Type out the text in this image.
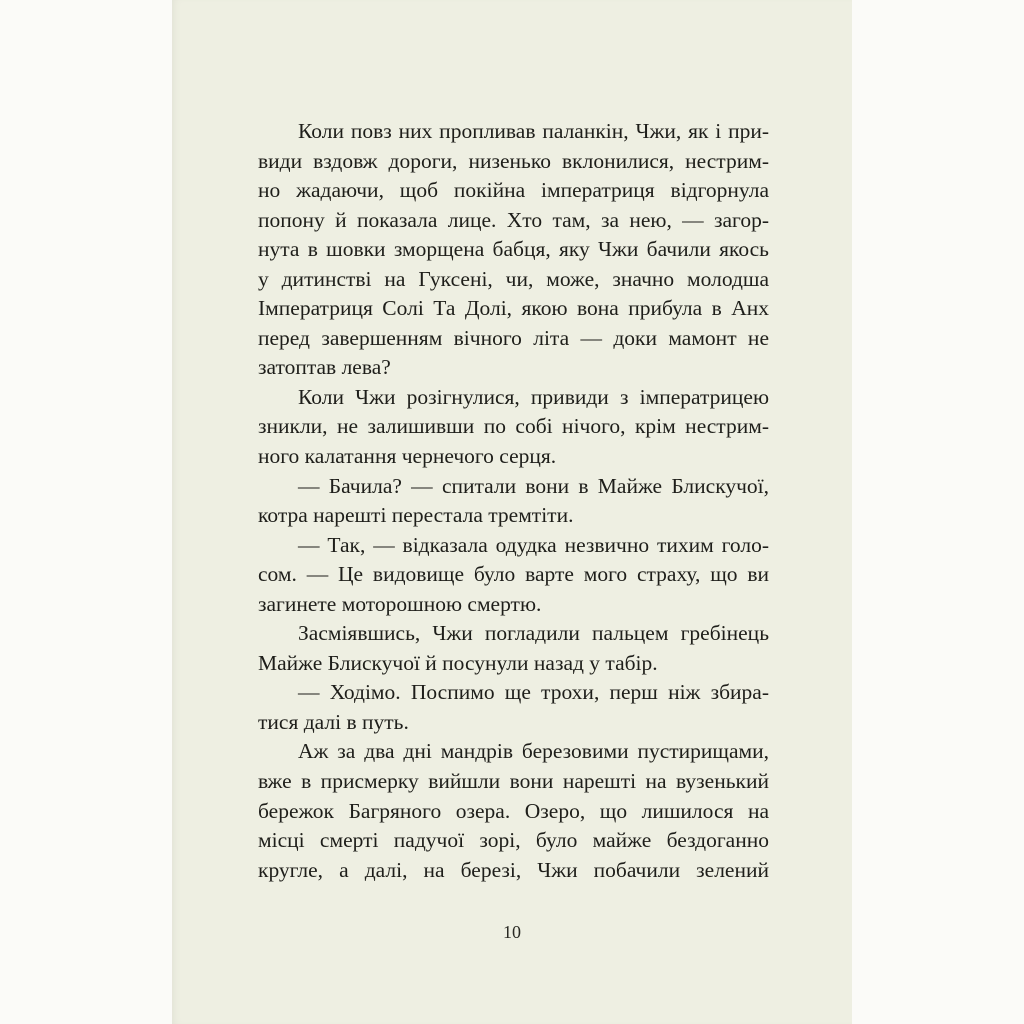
Коли повз них пропливав паланкін, Чжи, як і при-
види вздовж дороги, низенько вклонилися, нестрим-
но жадаючи, щоб покійна імператриця відгорнула
попону й показала лице. Хто там, за нею, — загор-
нута в шовки зморщена бабця, яку Чжи бачили якось
у дитинстві на Гуксені, чи, може, значно молодша
Імператриця Солі Та Долі, якою вона прибула в Анх
перед завершенням вічного літа — доки мамонт не
затоптав лева?
Коли Чжи розігнулися, привиди з імператрицею
зникли, не залишивши по собі нічого, крім нестрим-
ного калатання чернечого серця.
— Бачила? — спитали вони в Майже Блискучої,
котра нарешті перестала тремтіти.
— Так, — відказала одудка незвично тихим голо-
сом. — Це видовище було варте мого страху, що ви
загинете моторошною смертю.
Засміявшись, Чжи погладили пальцем гребінець
Майже Блискучої й посунули назад у табір.
— Ходімо. Поспимо ще трохи, перш ніж збира-
тися далі в путь.
Аж за два дні мандрів березовими пустирищами,
вже в присмерку вийшли вони нарешті на вузенький
бережок Багряного озера. Озеро, що лишилося на
місці смерті падучої зорі, було майже бездоганно
кругле, а далі, на березі, Чжи побачили зелений
10
